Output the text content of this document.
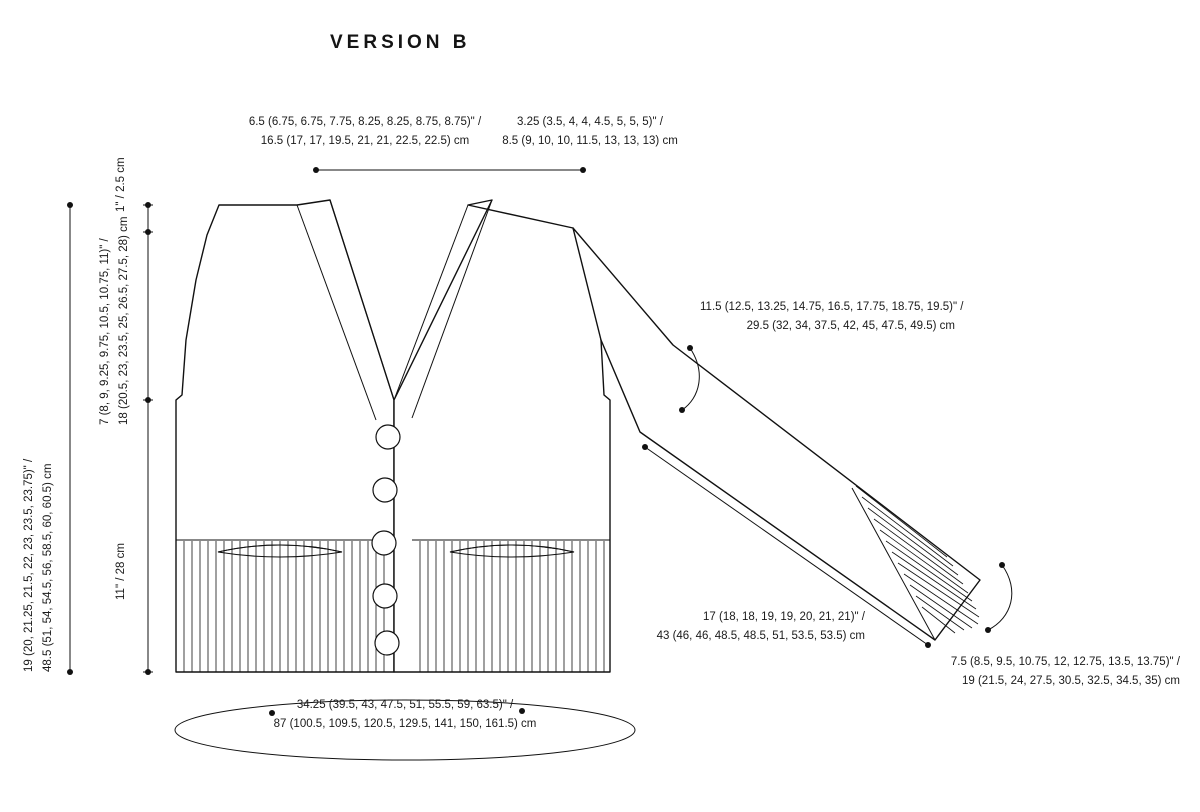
VERSION B
6.5 (6.75, 6.75, 7.75, 8.25, 8.25, 8.75, 8.75)" /
16.5 (17, 17, 19.5, 21, 21, 22.5, 22.5) cm
3.25 (3.5, 4, 4, 4.5, 5, 5, 5)" /
8.5 (9, 10, 10, 11.5, 13, 13, 13) cm
11.5 (12.5, 13.25, 14.75, 16.5, 17.75, 18.75, 19.5)" /
29.5 (32, 34, 37.5, 42, 45, 47.5, 49.5) cm
17 (18, 18, 19, 19, 20, 21, 21)" /
43 (46, 46, 48.5, 48.5, 51, 53.5, 53.5) cm
7.5 (8.5, 9.5, 10.75, 12, 12.75, 13.5, 13.75)" /
19 (21.5, 24, 27.5, 30.5, 32.5, 34.5, 35) cm
34.25 (39.5, 43, 47.5, 51, 55.5, 59, 63.5)" /
87 (100.5, 109.5, 120.5, 129.5, 141, 150, 161.5) cm
1" / 2.5 cm
7 (8, 9, 9.25, 9.75, 10.5, 10.75, 11)" / 18 (20.5, 23, 23.5, 25, 26.5, 27.5, 28) cm
11" / 28 cm
19 (20, 21.25, 21.5, 22, 23, 23.5, 23.75)" / 48.5 (51, 54, 54.5, 56, 58.5, 60, 60.5) cm
